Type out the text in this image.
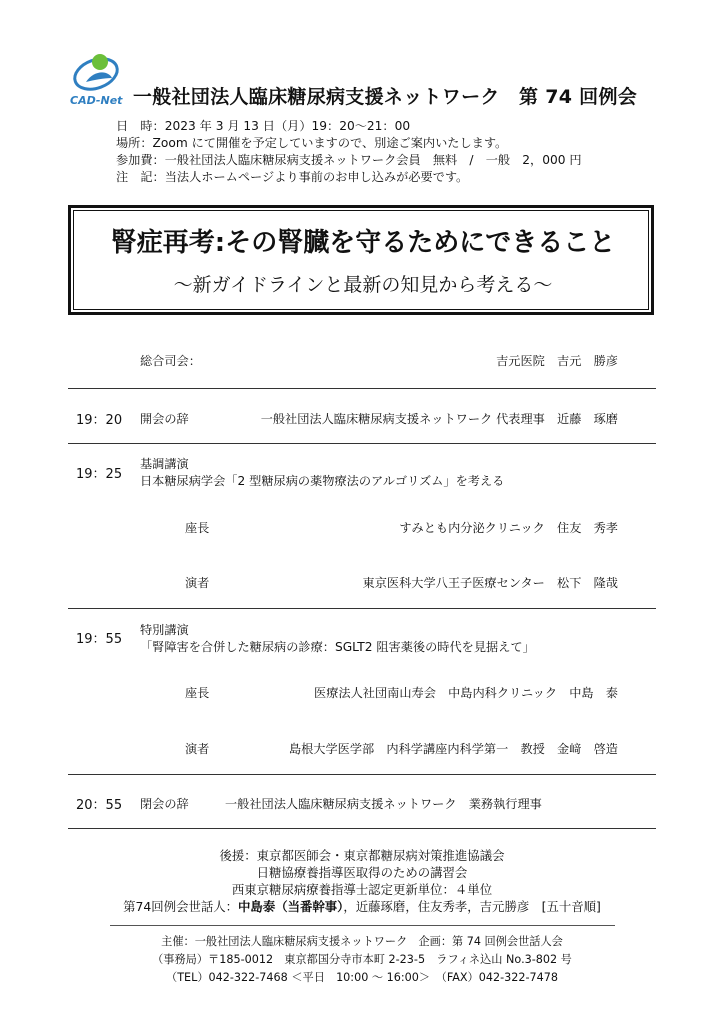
CAD-Net 一般社団法人臨床糖尿病支援ネットワーク　第 74 回例会
日　時：2023 年 3 月 13 日（月）19：20～21：00
場所：Zoom にて開催を予定していますので、別途ご案内いたします。
参加費：一般社団法人臨床糖尿病支援ネットワーク会員　無料　/　一般　2，000 円
注　記：当法人ホームページより事前のお申し込みが必要です。
腎症再考:その腎臓を守るためにできること
～新ガイドラインと最新の知見から考える～
総合司会：	吉元医院　吉元　勝彦
19：20 開会の辞	一般社団法人臨床糖尿病支援ネットワーク 代表理事　近藤　琢磨
19：25
基調講演
日本糖尿病学会「2 型糖尿病の薬物療法のアルゴリズム」を考える
座長	すみとも内分泌クリニック　住友　秀孝
演者	東京医科大学八王子医療センター　松下　隆哉
19：55
特別講演
「腎障害を合併した糖尿病の診療：SGLT2 阻害薬後の時代を見据えて」
座長	医療法人社団南山寿会　中島内科クリニック　中島　泰
演者	島根大学医学部　内科学講座内科学第一　教授　金﨑　啓造
20：55 閉会の辞	一般社団法人臨床糖尿病支援ネットワーク　業務執行理事
後援：東京都医師会・東京都糖尿病対策推進協議会
日糖協療養指導医取得のための講習会
西東京糖尿病療養指導士認定更新単位：４単位
第74回例会世話人：中島泰（当番幹事），近藤琢磨，住友秀孝，吉元勝彦　[五十音順]
主催：一般社団法人臨床糖尿病支援ネットワーク　企画：第 74 回例会世話人会
（事務局）〒185-0012　東京都国分寺市本町 2-23-5　ラフィネ込山 No.3-802 号
（TEL）042-322-7468 ＜平日　10:00 ～ 16:00＞　（FAX）042-322-7478
